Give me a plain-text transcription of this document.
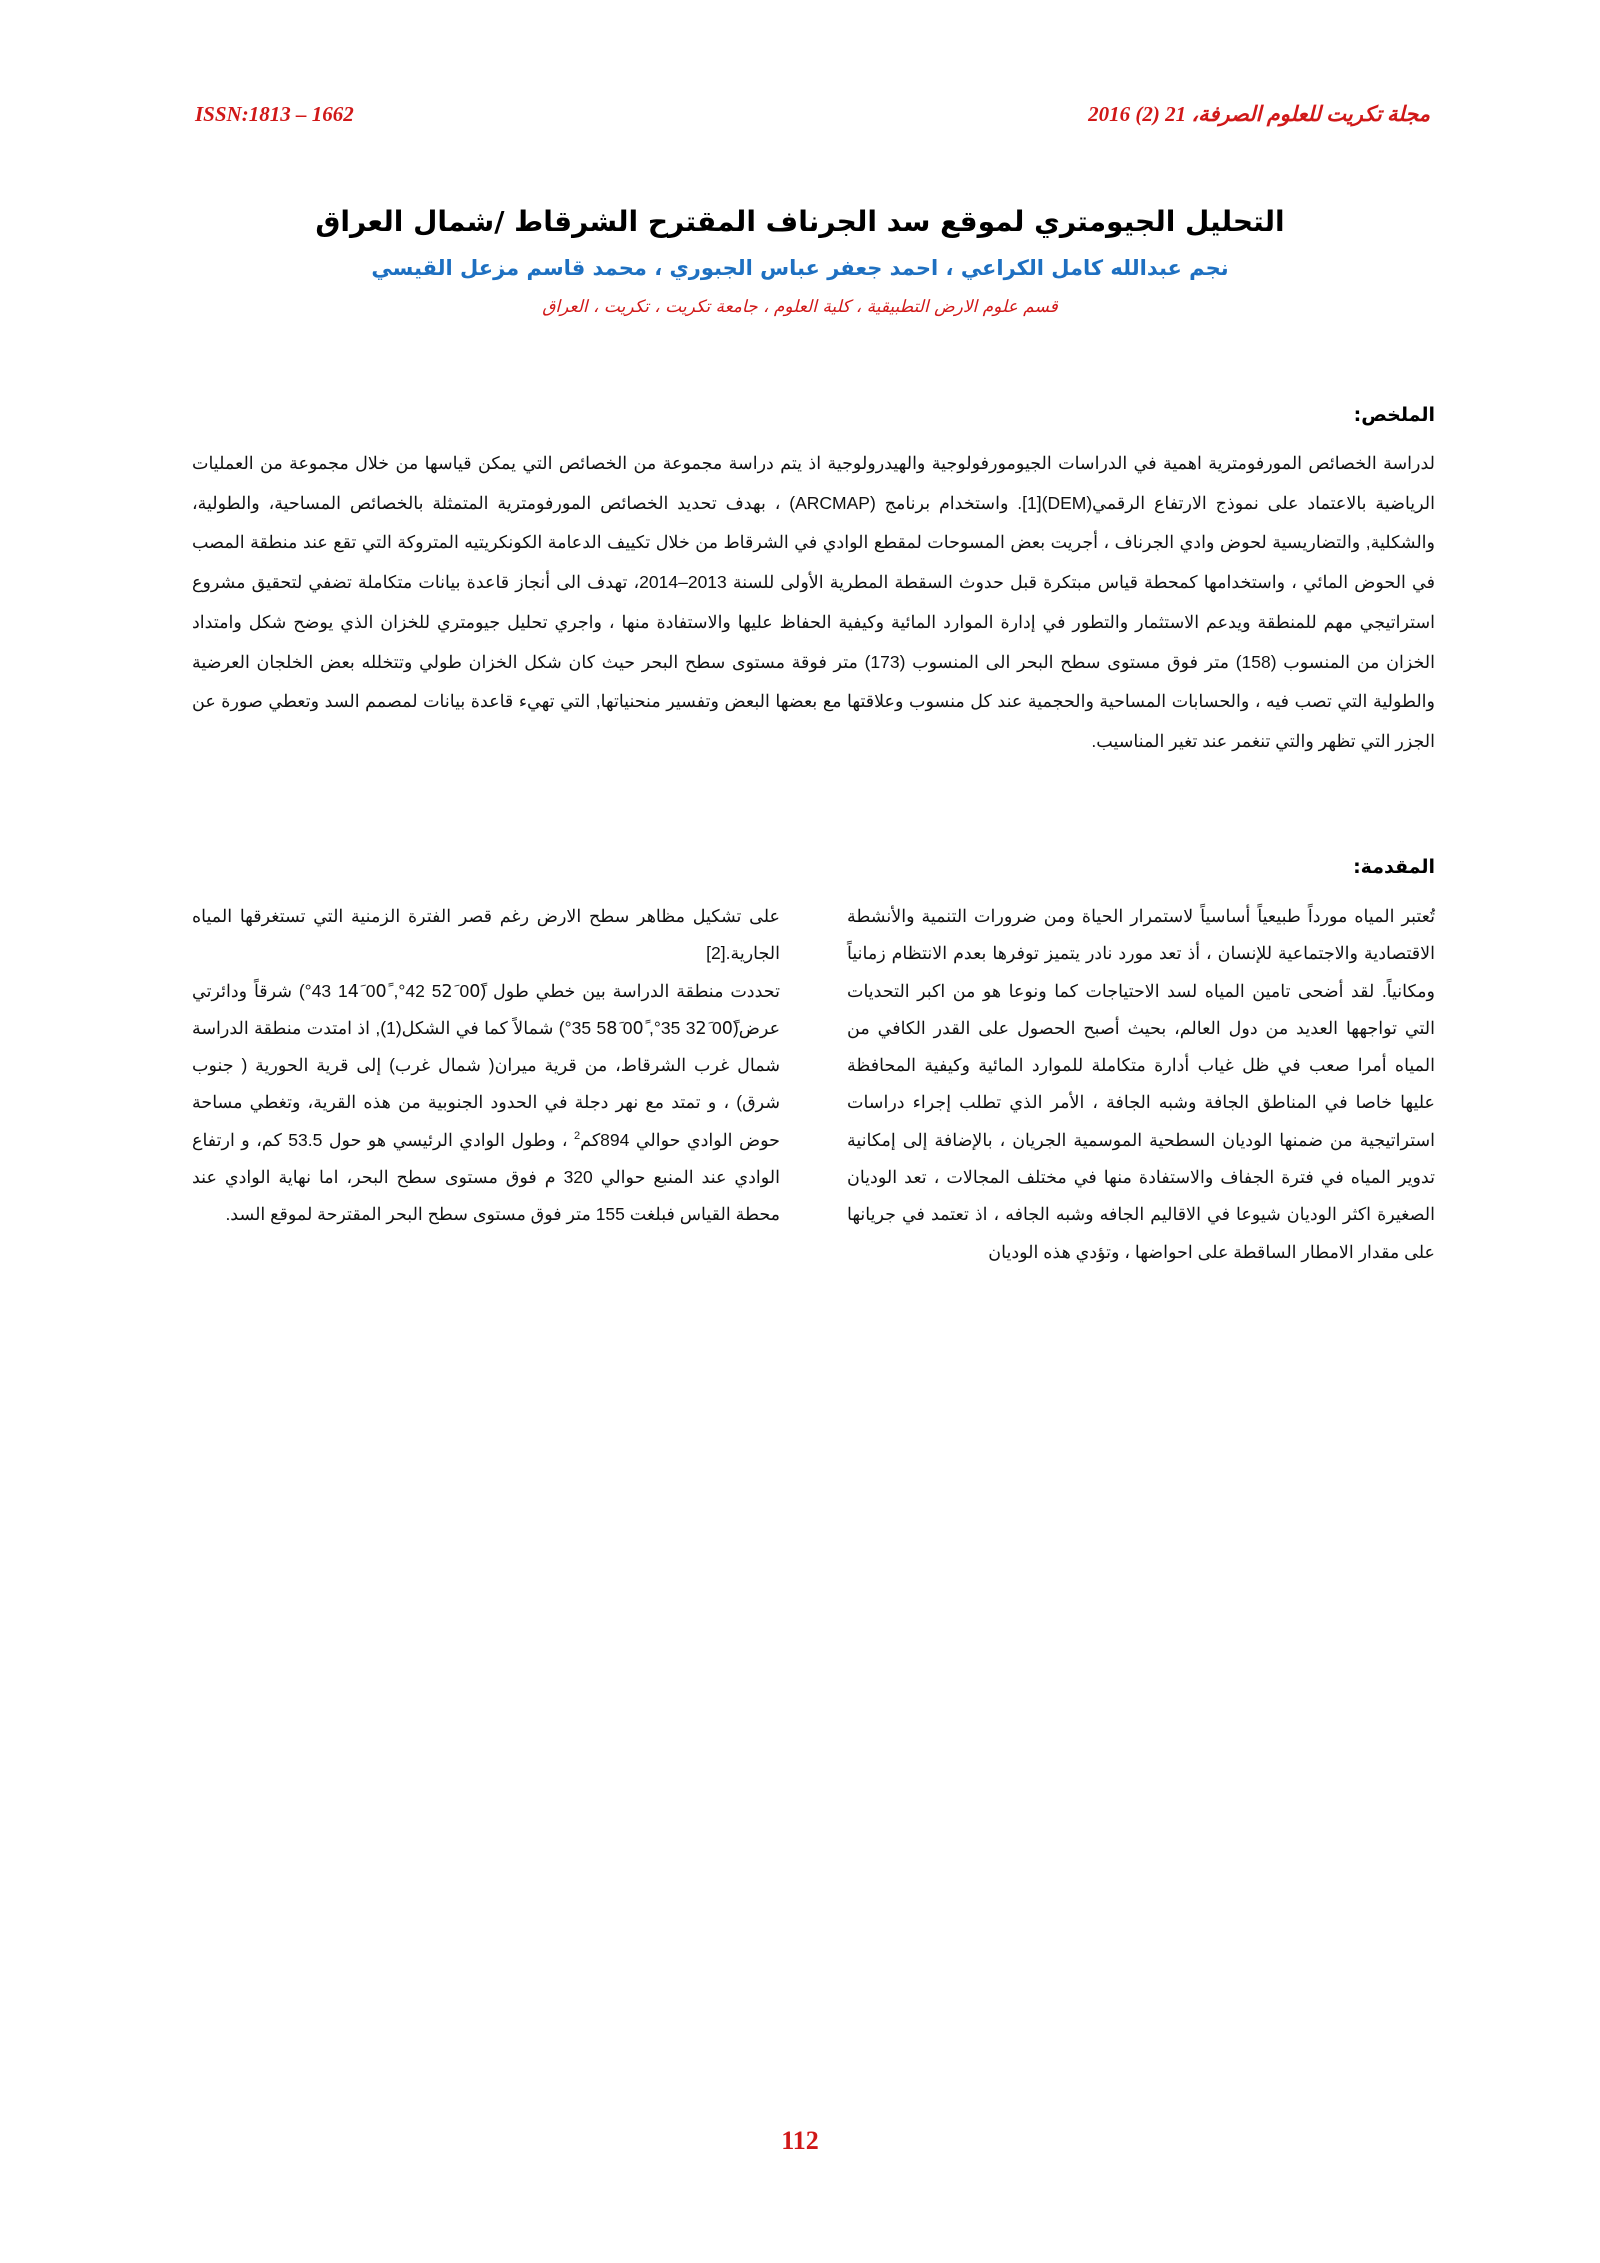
مجلة تكريت للعلوم الصرفة، 21 (2) 2016
ISSN:1813 – 1662
التحليل الجيومتري لموقع سد الجرناف المقترح الشرقاط /شمال العراق
نجم عبدالله كامل الكراعي ، احمد جعفر عباس الجبوري ، محمد قاسم مزعل القيسي
قسم علوم الارض التطبيقية ، كلية العلوم ، جامعة تكريت ، تكريت ، العراق
الملخص:
لدراسة الخصائص المورفومترية اهمية في الدراسات الجيومورفولوجية والهيدرولوجية اذ يتم دراسة مجموعة من الخصائص التي يمكن قياسها من خلال مجموعة من العمليات الرياضية بالاعتماد على نموذج الارتفاع الرقمي(DEM)[1]. واستخدام برنامج (ARCMAP) ، بهدف تحديد الخصائص المورفومترية المتمثلة بالخصائص المساحية، والطولية، والشكلية, والتضاريسية لحوض وادي الجرناف ، أجريت بعض المسوحات لمقطع الوادي في الشرقاط من خلال تكييف الدعامة الكونكريتيه المتروكة التي تقع عند منطقة المصب في الحوض المائي ، واستخدامها كمحطة قياس مبتكرة قبل حدوث السقطة المطرية الأولى للسنة 2013–2014، تهدف الى أنجاز قاعدة بيانات متكاملة تضفي لتحقيق مشروع استراتيجي مهم للمنطقة ويدعم الاستثمار والتطور في إدارة الموارد المائية وكيفية الحفاظ عليها والاستفادة منها ، واجري تحليل جيومتري للخزان الذي يوضح شكل وامتداد الخزان من المنسوب (158) متر فوق مستوى سطح البحر الى المنسوب (173) متر فوقة مستوى سطح البحر حيث كان شكل الخزان طولي وتتخلله بعض الخلجان العرضية والطولية التي تصب فيه ، والحسابات المساحية والحجمية عند كل منسوب وعلاقتها مع بعضها البعض وتفسير منحنياتها, التي تهيء قاعدة بيانات لمصمم السد وتعطي صورة عن الجزر التي تظهر والتي تنغمر عند تغير المناسيب.
المقدمة:

تُعتبر المياه مورداً طبيعياً أساسياً لاستمرار الحياة ومن ضرورات التنمية والأنشطة الاقتصادية والاجتماعية للإنسان ، أذ تعد مورد نادر يتميز توفرها بعدم الانتظام زمانياً ومكانياً. لقد أضحى تامين المياه لسد الاحتياجات كما ونوعا هو من اكبر التحديات التي تواجهها العديد من دول العالم، بحيث أصبح الحصول على القدر الكافي من المياه أمرا صعب في ظل غياب أدارة متكاملة للموارد المائية وكيفية المحافظة عليها خاصا في المناطق الجافة وشبه الجافة ، الأمر الذي تطلب إجراء دراسات استراتيجية من ضمنها الوديان السطحية الموسمية الجريان ، بالإضافة إلى إمكانية تدوير المياه في فترة الجفاف والاستفادة منها في مختلف المجالات ، تعد الوديان الصغيرة اكثر الوديان شيوعا في الاقاليم الجافه وشبه الجافه ، اذ تعتمد في جريانها على مقدار الامطار الساقطة على احواضها ، وتؤدي هذه الوديان

على تشكيل مظاهر سطح الارض رغم قصر الفترة الزمنية التي تستغرقها المياه الجارية.[2]

تحددت منطقة الدراسة بين خطي طول (00ً 52َ 42°, 00ً 14َ 43°) شرقاً ودائرتي عرض(00ً 32َ 35°, 00ً 58َ 35°) شمالاً كما في الشكل(1), اذ امتدت منطقة الدراسة شمال غرب الشرقاط، من قرية ميران( شمال غرب) إلى قرية الحورية ( جنوب شرق) ، و تمتد مع نهر دجلة في الحدود الجنوبية من هذه القرية، وتغطي مساحة حوض الوادي حوالي 894كم$^2$ ، وطول الوادي الرئيسي هو حول 53.5 كم، و ارتفاع الوادي عند المنبع حوالي 320 م فوق مستوى سطح البحر، اما نهاية الوادي عند محطة القياس فبلغت 155 متر فوق مستوى سطح البحر المقترحة لموقع السد.

112
